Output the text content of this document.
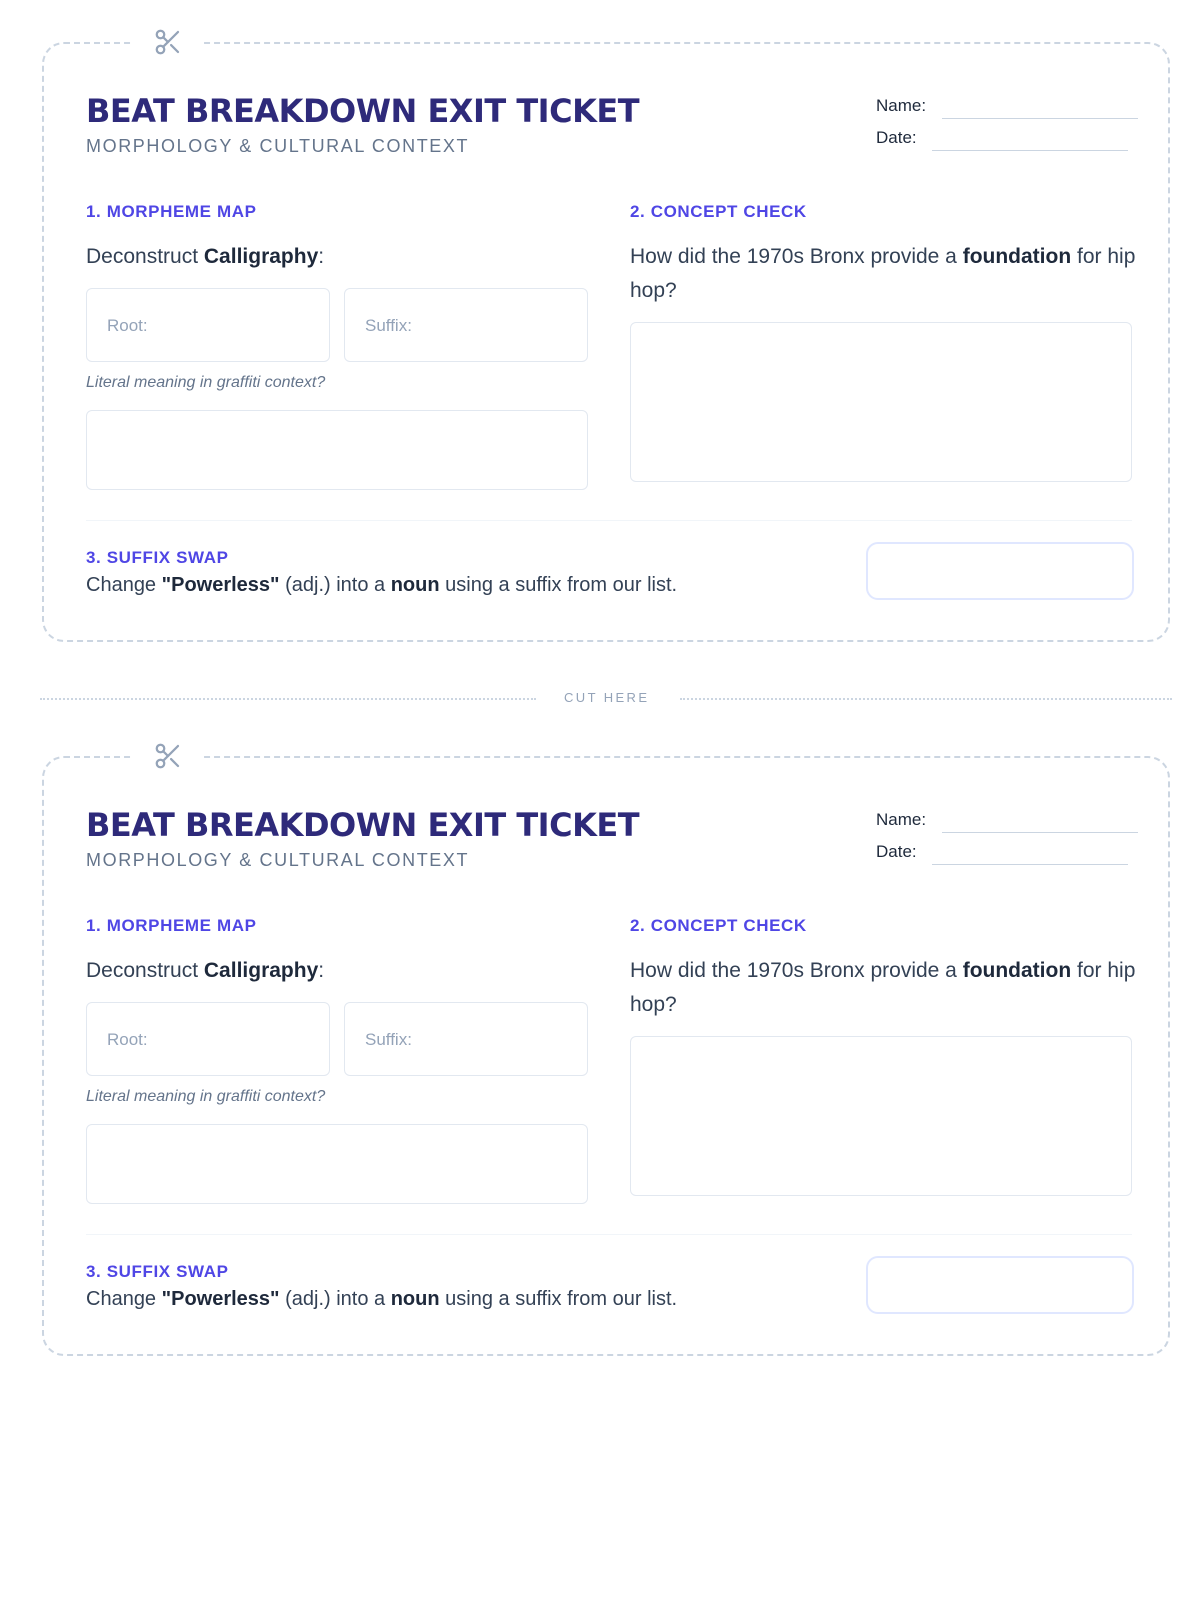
BEAT BREAKDOWN EXIT TICKET
MORPHOLOGY & CULTURAL CONTEXT
Name:
Date:
1. MORPHEME MAP
Deconstruct Calligraphy:
Root:	Suffix:
Literal meaning in graffiti context?
2. CONCEPT CHECK
How did the 1970s Bronx provide a foundation for hip hop?
3. SUFFIX SWAP
Change "Powerless" (adj.) into a noun using a suffix from our list.
CUT HERE
BEAT BREAKDOWN EXIT TICKET
MORPHOLOGY & CULTURAL CONTEXT
Name:
Date:
1. MORPHEME MAP
Deconstruct Calligraphy:
Root:	Suffix:
Literal meaning in graffiti context?
2. CONCEPT CHECK
How did the 1970s Bronx provide a foundation for hip hop?
3. SUFFIX SWAP
Change "Powerless" (adj.) into a noun using a suffix from our list.
